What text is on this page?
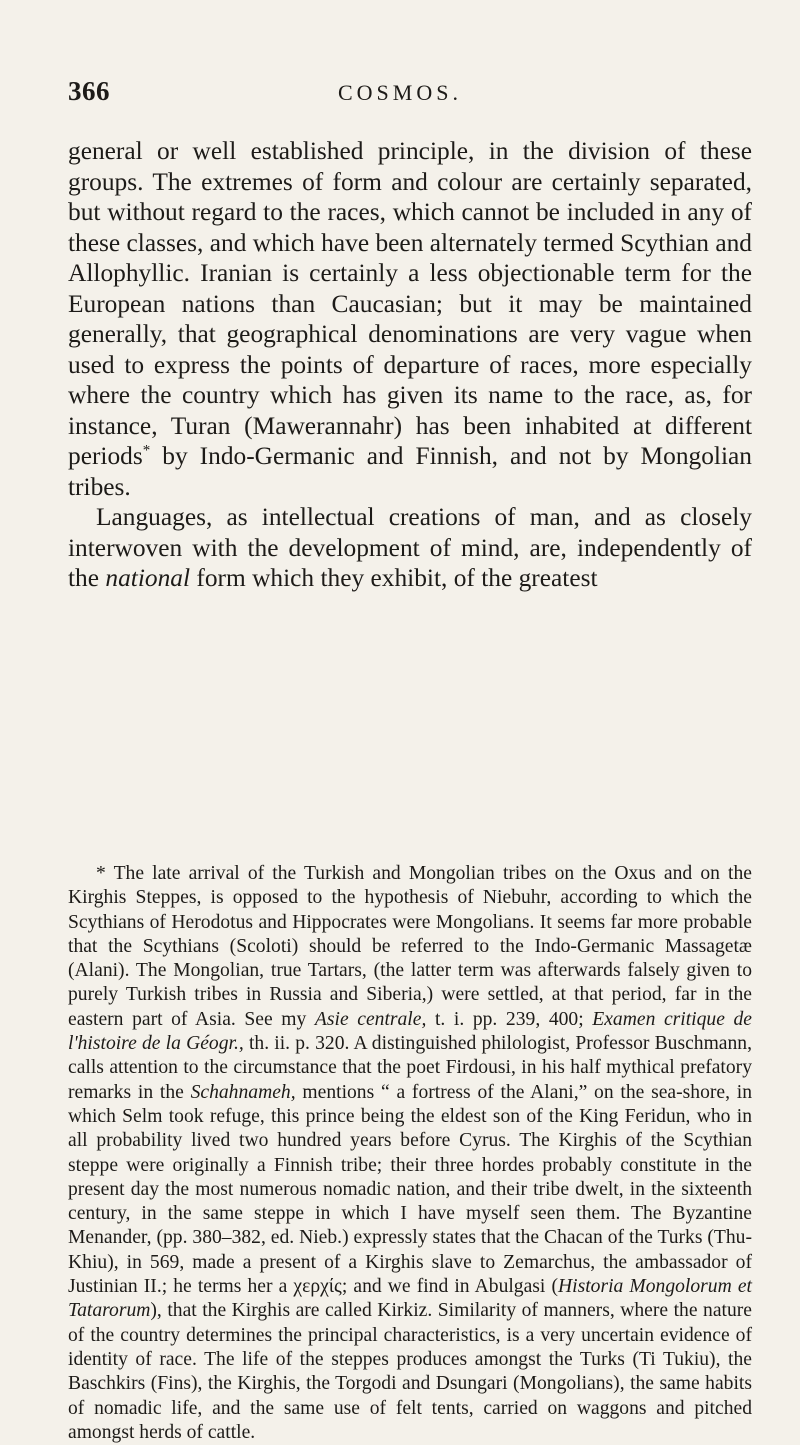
366	COSMOS.

general or well established principle, in the division of these groups. The extremes of form and colour are certainly separated, but without regard to the races, which cannot be included in any of these classes, and which have been alternately termed Scythian and Allophyllic. Iranian is certainly a less objectionable term for the European nations than Caucasian; but it may be maintained generally, that geographical denominations are very vague when used to express the points of departure of races, more especially where the country which has given its name to the race, as, for instance, Turan (Mawerannahr) has been inhabited at different periods* by Indo-Germanic and Finnish, and not by Mongolian tribes.

Languages, as intellectual creations of man, and as closely interwoven with the development of mind, are, independently of the national form which they exhibit, of the greatest

* The late arrival of the Turkish and Mongolian tribes on the Oxus and on the Kirghis Steppes, is opposed to the hypothesis of Niebuhr, according to which the Scythians of Herodotus and Hippocrates were Mongolians. It seems far more probable that the Scythians (Scoloti) should be referred to the Indo-Germanic Massagetæ (Alani). The Mongolian, true Tartars, (the latter term was afterwards falsely given to purely Turkish tribes in Russia and Siberia,) were settled, at that period, far in the eastern part of Asia. See my Asie centrale, t. i. pp. 239, 400; Examen critique de l'histoire de la Géogr., th. ii. p. 320. A distinguished philologist, Professor Buschmann, calls attention to the circumstance that the poet Firdousi, in his half mythical prefatory remarks in the Schahnameh, mentions “ a fortress of the Alani,” on the sea-shore, in which Selm took refuge, this prince being the eldest son of the King Feridun, who in all probability lived two hundred years before Cyrus. The Kirghis of the Scythian steppe were originally a Finnish tribe; their three hordes probably constitute in the present day the most numerous nomadic nation, and their tribe dwelt, in the sixteenth century, in the same steppe in which I have myself seen them. The Byzantine Menander, (pp. 380–382, ed. Nieb.) expressly states that the Chacan of the Turks (Thu-Khiu), in 569, made a present of a Kirghis slave to Zemarchus, the ambassador of Justinian II.; he terms her a χερχίς; and we find in Abulgasi (Historia Mongolorum et Tatarorum), that the Kirghis are called Kirkiz. Similarity of manners, where the nature of the country determines the principal characteristics, is a very uncertain evidence of identity of race. The life of the steppes produces amongst the Turks (Ti Tukiu), the Baschkirs (Fins), the Kirghis, the Torgodi and Dsungari (Mongolians), the same habits of nomadic life, and the same use of felt tents, carried on waggons and pitched amongst herds of cattle.
